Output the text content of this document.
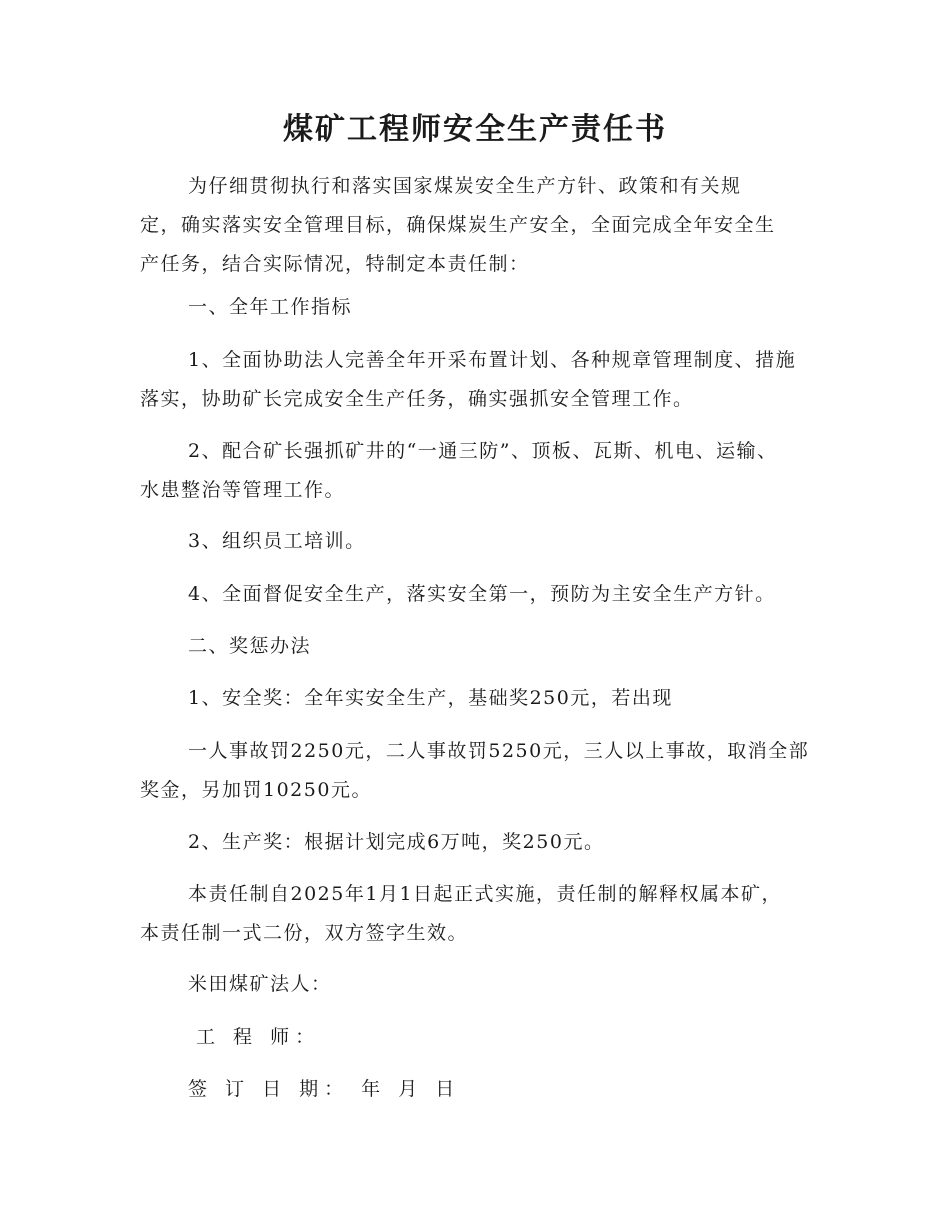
煤矿工程师安全生产责任书

为仔细贯彻执行和落实国家煤炭安全生产方针、政策和有关规定，确实落实安全管理目标，确保煤炭生产安全，全面完成全年安全生产任务，结合实际情况，特制定本责任制：

一、全年工作指标

1、全面协助法人完善全年开采布置计划、各种规章管理制度、措施落实，协助矿长完成安全生产任务，确实强抓安全管理工作。

2、配合矿长强抓矿井的“一通三防”、顶板、瓦斯、机电、运输、水患整治等管理工作。

3、组织员工培训。

4、全面督促安全生产，落实安全第一，预防为主安全生产方针。

二、奖惩办法

1、安全奖：全年实安全生产，基础奖250元，若出现

一人事故罚2250元，二人事故罚5250元，三人以上事故，取消全部奖金，另加罚10250元。

2、生产奖：根据计划完成6万吨，奖250元。

本责任制自2025年1月1日起正式实施，责任制的解释权属本矿，本责任制一式二份，双方签字生效。

米田煤矿法人：

工 程 师：

签 订 日 期： 年 月 日
